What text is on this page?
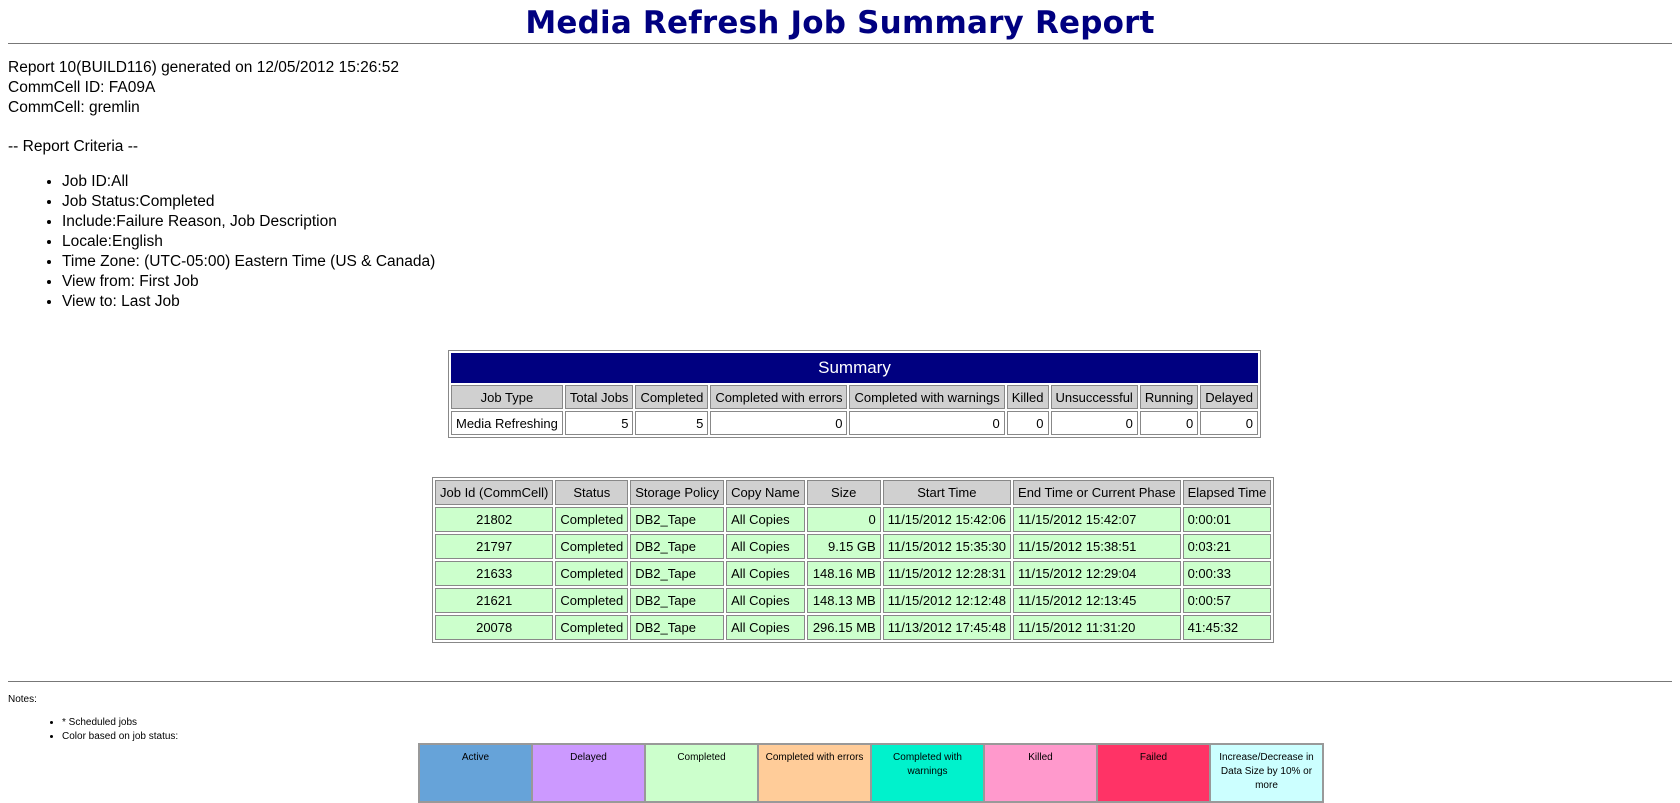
Media Refresh Job Summary Report
Report 10(BUILD116) generated on 12/05/2012 15:26:52
CommCell ID: FA09A
CommCell: gremlin
-- Report Criteria --
• Job ID:All
• Job Status:Completed
• Include:Failure Reason, Job Description
• Locale:English
• Time Zone: (UTC-05:00) Eastern Time (US & Canada)
• View from: First Job
• View to: Last Job
Summary								
Job Type	Total Jobs	Completed	Completed with errors	Completed with warnings	Killed	Unsuccessful	Running	Delayed
Media Refreshing	5	5	0	0	0	0	0	0
Job Id (CommCell)	Status	Storage Policy	Copy Name	Size	Start Time	End Time or Current Phase	Elapsed Time
21802	Completed	DB2_Tape	All Copies	0	11/15/2012 15:42:06	11/15/2012 15:42:07	0:00:01
21797	Completed	DB2_Tape	All Copies	9.15 GB	11/15/2012 15:35:30	11/15/2012 15:38:51	0:03:21
21633	Completed	DB2_Tape	All Copies	148.16 MB	11/15/2012 12:28:31	11/15/2012 12:29:04	0:00:33
21621	Completed	DB2_Tape	All Copies	148.13 MB	11/15/2012 12:12:48	11/15/2012 12:13:45	0:00:57
20078	Completed	DB2_Tape	All Copies	296.15 MB	11/13/2012 17:45:48	11/15/2012 11:31:20	41:45:32
Notes:
• * Scheduled jobs
• Color based on job status:
Active	Delayed	Completed	Completed with errors	Completed with warnings	Killed	Failed	Increase/Decrease in Data Size by 10% or more
